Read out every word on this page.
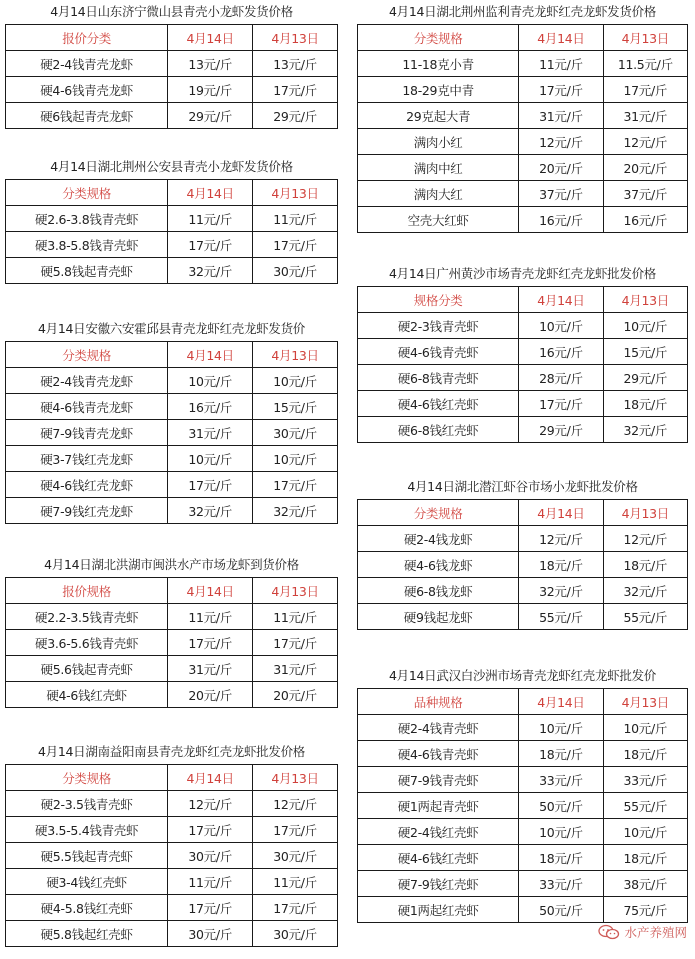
4月14日山东济宁微山县青壳小龙虾发货价格
报价分类	4月14日	4月13日
硬2-4钱青壳龙虾	13元/斤	13元/斤
硬4-6钱青壳龙虾	19元/斤	17元/斤
硬6钱起青壳龙虾	29元/斤	29元/斤
4月14日湖北荆州公安县青壳小龙虾发货价格
分类规格	4月14日	4月13日
硬2.6-3.8钱青壳虾	11元/斤	11元/斤
硬3.8-5.8钱青壳虾	17元/斤	17元/斤
硬5.8钱起青壳虾	32元/斤	30元/斤
4月14日安徽六安霍邱县青壳龙虾红壳龙虾发货价
分类规格	4月14日	4月13日
硬2-4钱青壳龙虾	10元/斤	10元/斤
硬4-6钱青壳龙虾	16元/斤	15元/斤
硬7-9钱青壳龙虾	31元/斤	30元/斤
硬3-7钱红壳龙虾	10元/斤	10元/斤
硬4-6钱红壳龙虾	17元/斤	17元/斤
硬7-9钱红壳龙虾	32元/斤	32元/斤
4月14日湖北洪湖市闽洪水产市场龙虾到货价格
报价规格	4月14日	4月13日
硬2.2-3.5钱青壳虾	11元/斤	11元/斤
硬3.6-5.6钱青壳虾	17元/斤	17元/斤
硬5.6钱起青壳虾	31元/斤	31元/斤
硬4-6钱红壳虾	20元/斤	20元/斤
4月14日湖南益阳南县青壳龙虾红壳龙虾批发价格
分类规格	4月14日	4月13日
硬2-3.5钱青壳虾	12元/斤	12元/斤
硬3.5-5.4钱青壳虾	17元/斤	17元/斤
硬5.5钱起青壳虾	30元/斤	30元/斤
硬3-4钱红壳虾	11元/斤	11元/斤
硬4-5.8钱红壳虾	17元/斤	17元/斤
硬5.8钱起红壳虾	30元/斤	30元/斤
4月14日湖北荆州监利青壳龙虾红壳龙虾发货价格
分类规格	4月14日	4月13日
11-18克小青	11元/斤	11.5元/斤
18-29克中青	17元/斤	17元/斤
29克起大青	31元/斤	31元/斤
满肉小红	12元/斤	12元/斤
满肉中红	20元/斤	20元/斤
满肉大红	37元/斤	37元/斤
空壳大红虾	16元/斤	16元/斤
4月14日广州黄沙市场青壳龙虾红壳龙虾批发价格
规格分类	4月14日	4月13日
硬2-3钱青壳虾	10元/斤	10元/斤
硬4-6钱青壳虾	16元/斤	15元/斤
硬6-8钱青壳虾	28元/斤	29元/斤
硬4-6钱红壳虾	17元/斤	18元/斤
硬6-8钱红壳虾	29元/斤	32元/斤
4月14日湖北潜江虾谷市场小龙虾批发价格
分类规格	4月14日	4月13日
硬2-4钱龙虾	12元/斤	12元/斤
硬4-6钱龙虾	18元/斤	18元/斤
硬6-8钱龙虾	32元/斤	32元/斤
硬9钱起龙虾	55元/斤	55元/斤
4月14日武汉白沙洲市场青壳龙虾红壳龙虾批发价
品种规格	4月14日	4月13日
硬2-4钱青壳虾	10元/斤	10元/斤
硬4-6钱青壳虾	18元/斤	18元/斤
硬7-9钱青壳虾	33元/斤	33元/斤
硬1两起青壳虾	50元/斤	55元/斤
硬2-4钱红壳虾	10元/斤	10元/斤
硬4-6钱红壳虾	18元/斤	18元/斤
硬7-9钱红壳虾	33元/斤	38元/斤
硬1两起红壳虾	50元/斤	75元/斤
水产养殖网
